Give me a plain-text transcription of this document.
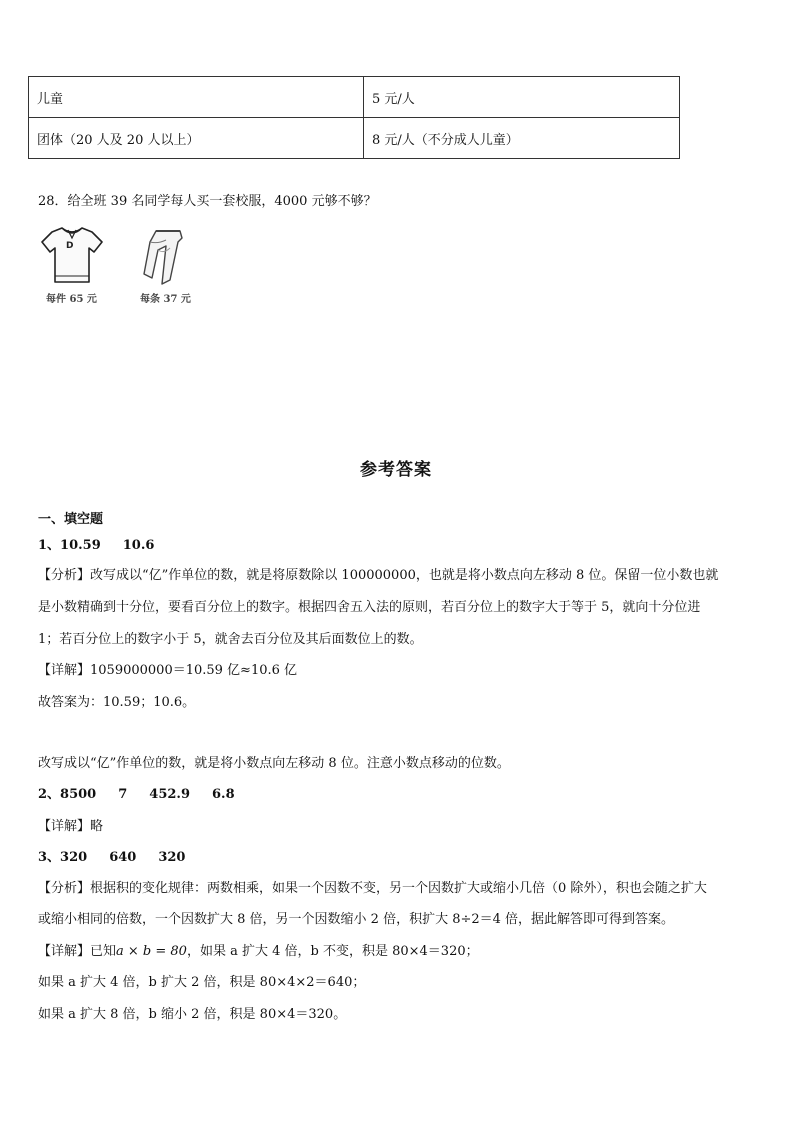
儿童	5 元/人
团体（20 人及 20 人以上）	8 元/人（不分成人儿童）
28．给全班 39 名同学每人买一套校服，4000 元够不够？
D
每件 65 元	每条 37 元
参考答案
一、填空题
1、10.59 10.6
【分析】改写成以“亿”作单位的数，就是将原数除以 100000000，也就是将小数点向左移动 8 位。保留一位小数也就
是小数精确到十分位，要看百分位上的数字。根据四舍五入法的原则，若百分位上的数字大于等于 5，就向十分位进
1；若百分位上的数字小于 5，就舍去百分位及其后面数位上的数。
【详解】1059000000＝10.59 亿≈10.6 亿
故答案为：10.59；10.6。
改写成以“亿”作单位的数，就是将小数点向左移动 8 位。注意小数点移动的位数。
2、8500 7 452.9 6.8
【详解】略
3、320 640 320
【分析】根据积的变化规律：两数相乘，如果一个因数不变，另一个因数扩大或缩小几倍（0 除外），积也会随之扩大
或缩小相同的倍数，一个因数扩大 8 倍，另一个因数缩小 2 倍，积扩大 8÷2＝4 倍，据此解答即可得到答案。
【详解】已知a × b = 80，如果 a 扩大 4 倍，b 不变，积是 80×4＝320；
如果 a 扩大 4 倍，b 扩大 2 倍，积是 80×4×2＝640；
如果 a 扩大 8 倍，b 缩小 2 倍，积是 80×4＝320。
